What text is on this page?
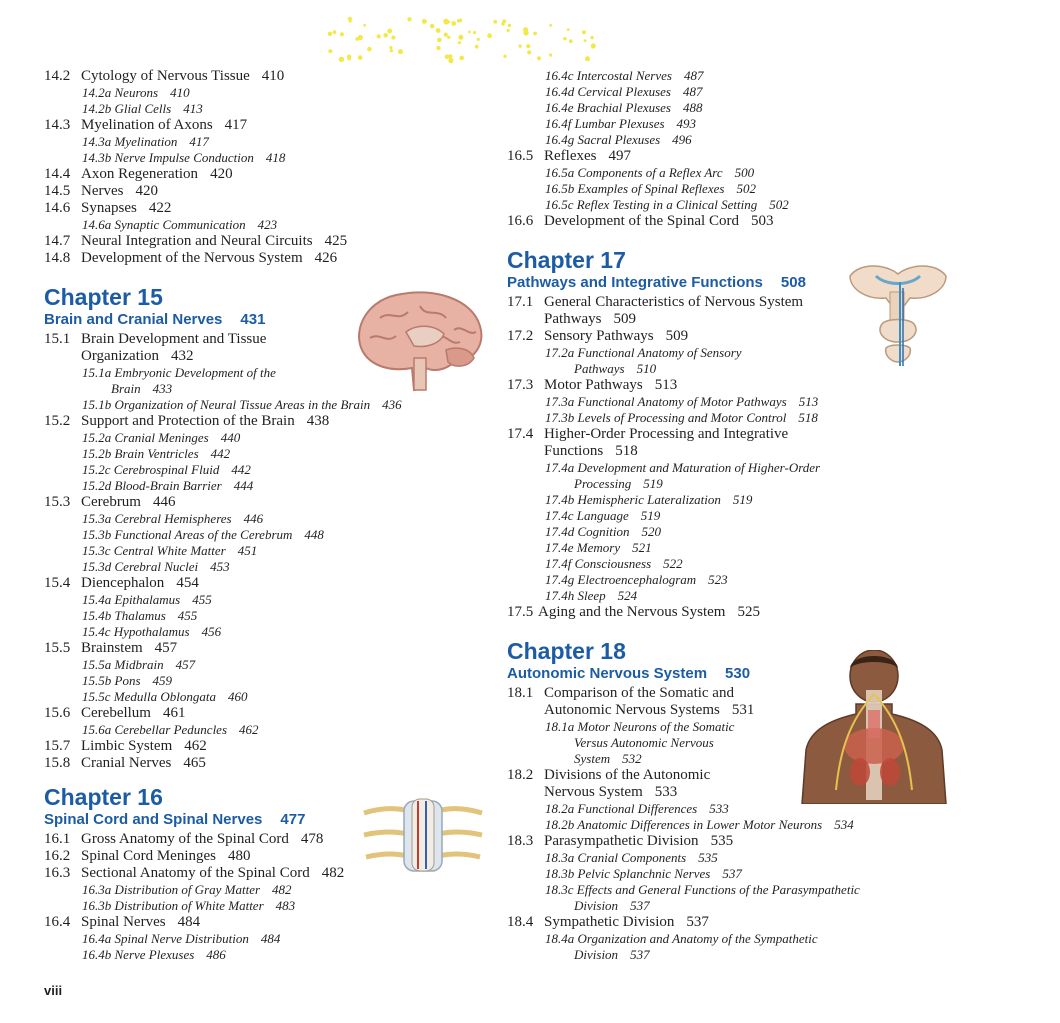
14.2 Cytology of Nervous Tissue 410
14.2a Neurons 410
14.2b Glial Cells 413
14.3 Myelination of Axons 417
14.3a Myelination 417
14.3b Nerve Impulse Conduction 418
14.4 Axon Regeneration 420
14.5 Nerves 420
14.6 Synapses 422
14.6a Synaptic Communication 423
14.7 Neural Integration and Neural Circuits 425
14.8 Development of the Nervous System 426
Chapter 15
Brain and Cranial Nerves 431
15.1 Brain Development and Tissue
Organization 432
15.1a Embryonic Development of the
Brain 433
15.1b Organization of Neural Tissue Areas in the Brain 436
15.2 Support and Protection of the Brain 438
15.2a Cranial Meninges 440
15.2b Brain Ventricles 442
15.2c Cerebrospinal Fluid 442
15.2d Blood-Brain Barrier 444
15.3 Cerebrum 446
15.3a Cerebral Hemispheres 446
15.3b Functional Areas of the Cerebrum 448
15.3c Central White Matter 451
15.3d Cerebral Nuclei 453
15.4 Diencephalon 454
15.4a Epithalamus 455
15.4b Thalamus 455
15.4c Hypothalamus 456
15.5 Brainstem 457
15.5a Midbrain 457
15.5b Pons 459
15.5c Medulla Oblongata 460
15.6 Cerebellum 461
15.6a Cerebellar Peduncles 462
15.7 Limbic System 462
15.8 Cranial Nerves 465
Chapter 16
Spinal Cord and Spinal Nerves 477
16.1 Gross Anatomy of the Spinal Cord 478
16.2 Spinal Cord Meninges 480
16.3 Sectional Anatomy of the Spinal Cord 482
16.3a Distribution of Gray Matter 482
16.3b Distribution of White Matter 483
16.4 Spinal Nerves 484
16.4a Spinal Nerve Distribution 484
16.4b Nerve Plexuses 486
16.4c Intercostal Nerves 487
16.4d Cervical Plexuses 487
16.4e Brachial Plexuses 488
16.4f Lumbar Plexuses 493
16.4g Sacral Plexuses 496
16.5 Reflexes 497
16.5a Components of a Reflex Arc 500
16.5b Examples of Spinal Reflexes 502
16.5c Reflex Testing in a Clinical Setting 502
16.6 Development of the Spinal Cord 503
Chapter 17
Pathways and Integrative Functions 508
17.1 General Characteristics of Nervous System
Pathways 509
17.2 Sensory Pathways 509
17.2a Functional Anatomy of Sensory
Pathways 510
17.3 Motor Pathways 513
17.3a Functional Anatomy of Motor Pathways 513
17.3b Levels of Processing and Motor Control 518
17.4 Higher-Order Processing and Integrative
Functions 518
17.4a Development and Maturation of Higher-Order
Processing 519
17.4b Hemispheric Lateralization 519
17.4c Language 519
17.4d Cognition 520
17.4e Memory 521
17.4f Consciousness 522
17.4g Electroencephalogram 523
17.4h Sleep 524
17.5 Aging and the Nervous System 525
Chapter 18
Autonomic Nervous System 530
18.1 Comparison of the Somatic and
Autonomic Nervous Systems 531
18.1a Motor Neurons of the Somatic
Versus Autonomic Nervous
System 532
18.2 Divisions of the Autonomic
Nervous System 533
18.2a Functional Differences 533
18.2b Anatomic Differences in Lower Motor Neurons 534
18.3 Parasympathetic Division 535
18.3a Cranial Components 535
18.3b Pelvic Splanchnic Nerves 537
18.3c Effects and General Functions of the Parasympathetic
Division 537
18.4 Sympathetic Division 537
18.4a Organization and Anatomy of the Sympathetic
Division 537
viii
